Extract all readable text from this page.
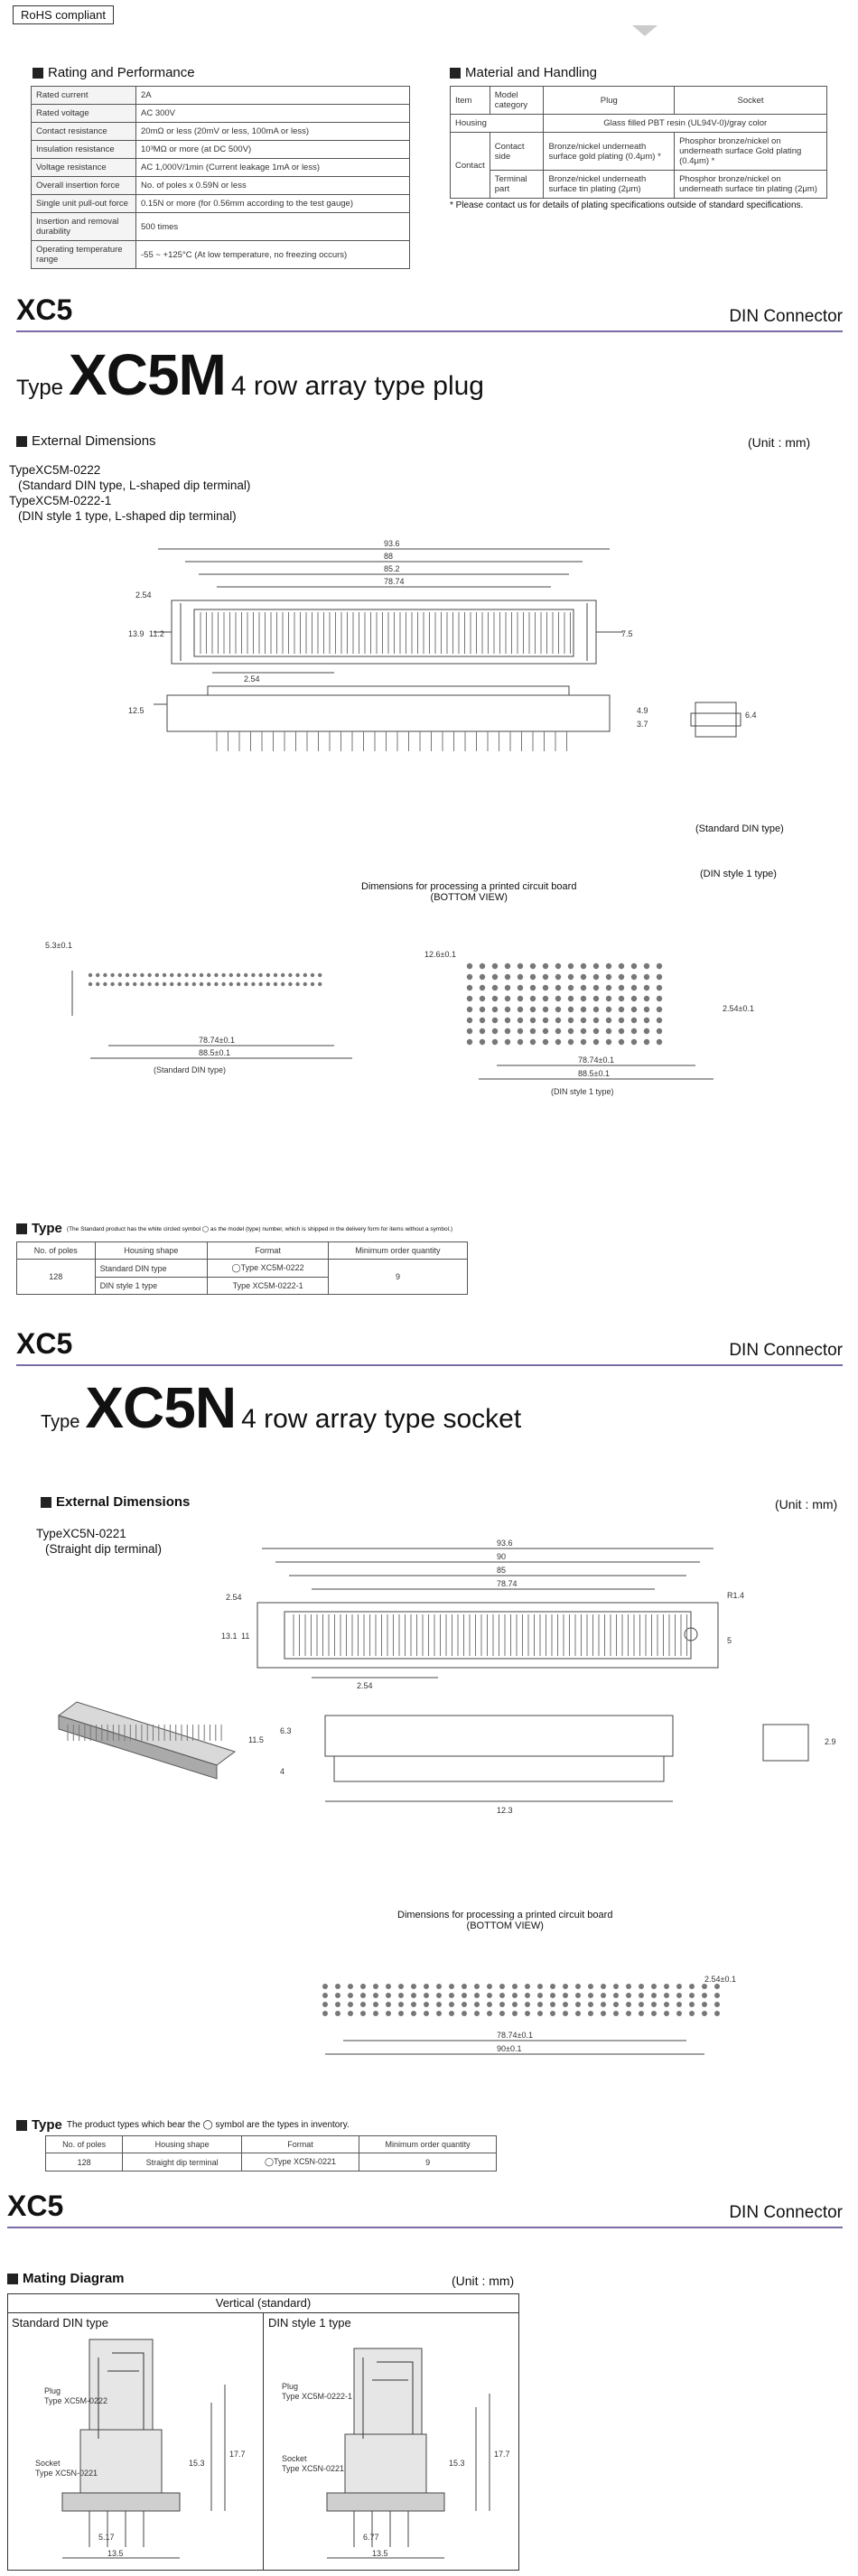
RoHS compliant
Rating and Performance
Rated current	2A
Rated voltage	AC 300V
Contact resistance	20mΩ or less (20mV or less, 100mA or less)
Insulation resistance	10³MΩ or more (at DC 500V)
Voltage resistance	AC 1,000V/1min (Current leakage 1mA or less)
Overall insertion force	No. of poles x 0.59N or less
Single unit pull-out force	0.15N or more (for 0.56mm according to the test gauge)
Insertion and removal durability	500 times
Operating temperature range	-55 ~ +125°C (At low temperature, no freezing occurs)
Material and Handling
Item	Model category	Plug	Socket
Housing		Glass filled PBT resin (UL94V-0)/gray color	
Contact	Contact side	Bronze/nickel underneath surface gold plating (0.4μm) *	Phosphor bronze/nickel on underneath surface Gold plating (0.4μm) *
	Terminal part	Bronze/nickel underneath surface tin plating (2μm)	Phosphor bronze/nickel on underneath surface tin plating (2μm)
* Please contact us for details of plating specifications outside of standard specifications.
XC5	DIN Connector
Type XC5M 4 row array type plug
External Dimensions	(Unit : mm)
TypeXC5M-0222
(Standard DIN type, L-shaped dip terminal)
TypeXC5M-0222-1
(DIN style 1 type, L-shaped dip terminal)
93.6
88
85.2
78.74
2.54
13.9 11.2	7.5
12.5	4.9
3.7
6.4
2.54
(Standard DIN type)
(DIN style 1 type)
Dimensions for processing a printed circuit board
(BOTTOM VIEW)
5.3±0.1
78.74±0.1
88.5±0.1
(Standard DIN type)
12.6±0.1
2.54±0.1
78.74±0.1
88.5±0.1
(DIN style 1 type)
Type (The Standard product has the white circled symbol ◯ as the model (type) number, which is shipped in the delivery form for items without a symbol.)
No. of poles	Housing shape	Format	Minimum order quantity
128	Standard DIN type	◯Type XC5M-0222	9
	DIN style 1 type	Type XC5M-0222-1	
XC5	DIN Connector
Type XC5N 4 row array type socket
External Dimensions	(Unit : mm)
TypeXC5N-0221
(Straight dip terminal)	93.6
90
85
78.74
2.54
13.1 11	5
11.5
6.3
4
12.3
2.9
R1.4
2.54
Dimensions for processing a printed circuit board
(BOTTOM VIEW)
2.54±0.1
78.74±0.1
90±0.1
Type The product types which bear the ◯ symbol are the types in inventory.
No. of poles	Housing shape	Format	Minimum order quantity
128	Straight dip terminal	◯Type XC5N-0221	9
XC5	DIN Connector
Mating Diagram	(Unit : mm)
Vertical (standard)
Standard DIN type	DIN style 1 type
Plug Type XC5M-0222
Socket Type XC5N-0221
15.3
17.7
5.17
13.5
Plug Type XC5M-0222-1
Socket Type XC5N-0221
15.3
17.7
6.77
13.5
